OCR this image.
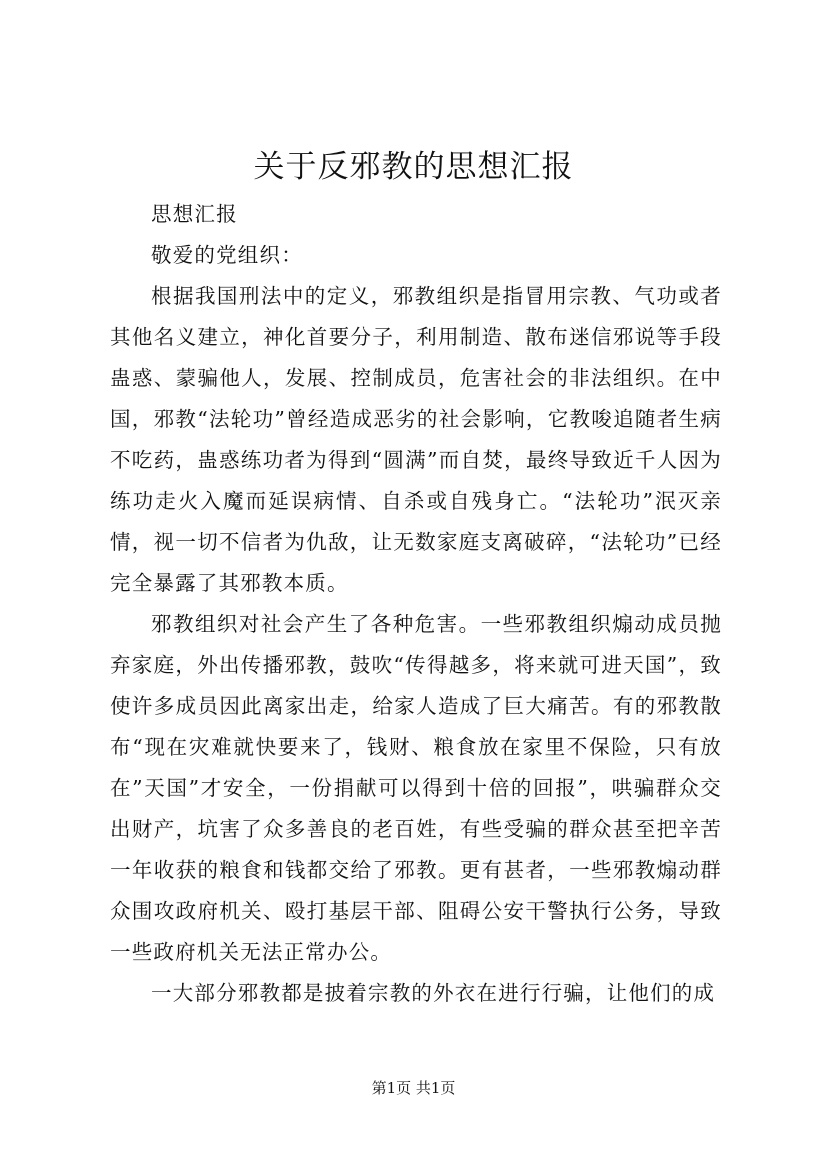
关于反邪教的思想汇报

思想汇报

敬爱的党组织：

根据我国刑法中的定义，邪教组织是指冒用宗教、气功或者其他名义建立，神化首要分子，利用制造、散布迷信邪说等手段蛊惑、蒙骗他人，发展、控制成员，危害社会的非法组织。在中国，邪教“法轮功”曾经造成恶劣的社会影响，它教唆追随者生病不吃药，蛊惑练功者为得到“圆满”而自焚，最终导致近千人因为练功走火入魔而延误病情、自杀或自残身亡。“法轮功”泯灭亲情，视一切不信者为仇敌，让无数家庭支离破碎，“法轮功”已经完全暴露了其邪教本质。

邪教组织对社会产生了各种危害。一些邪教组织煽动成员抛弃家庭，外出传播邪教，鼓吹“传得越多，将来就可进天国”，致使许多成员因此离家出走，给家人造成了巨大痛苦。有的邪教散布“现在灾难就快要来了，钱财、粮食放在家里不保险，只有放在”天国”才安全，一份捐献可以得到十倍的回报”，哄骗群众交出财产，坑害了众多善良的老百姓，有些受骗的群众甚至把辛苦一年收获的粮食和钱都交给了邪教。更有甚者，一些邪教煽动群众围攻政府机关、殴打基层干部、阻碍公安干警执行公务，导致一些政府机关无法正常办公。

一大部分邪教都是披着宗教的外衣在进行行骗，让他们的成

第1页 共1页
